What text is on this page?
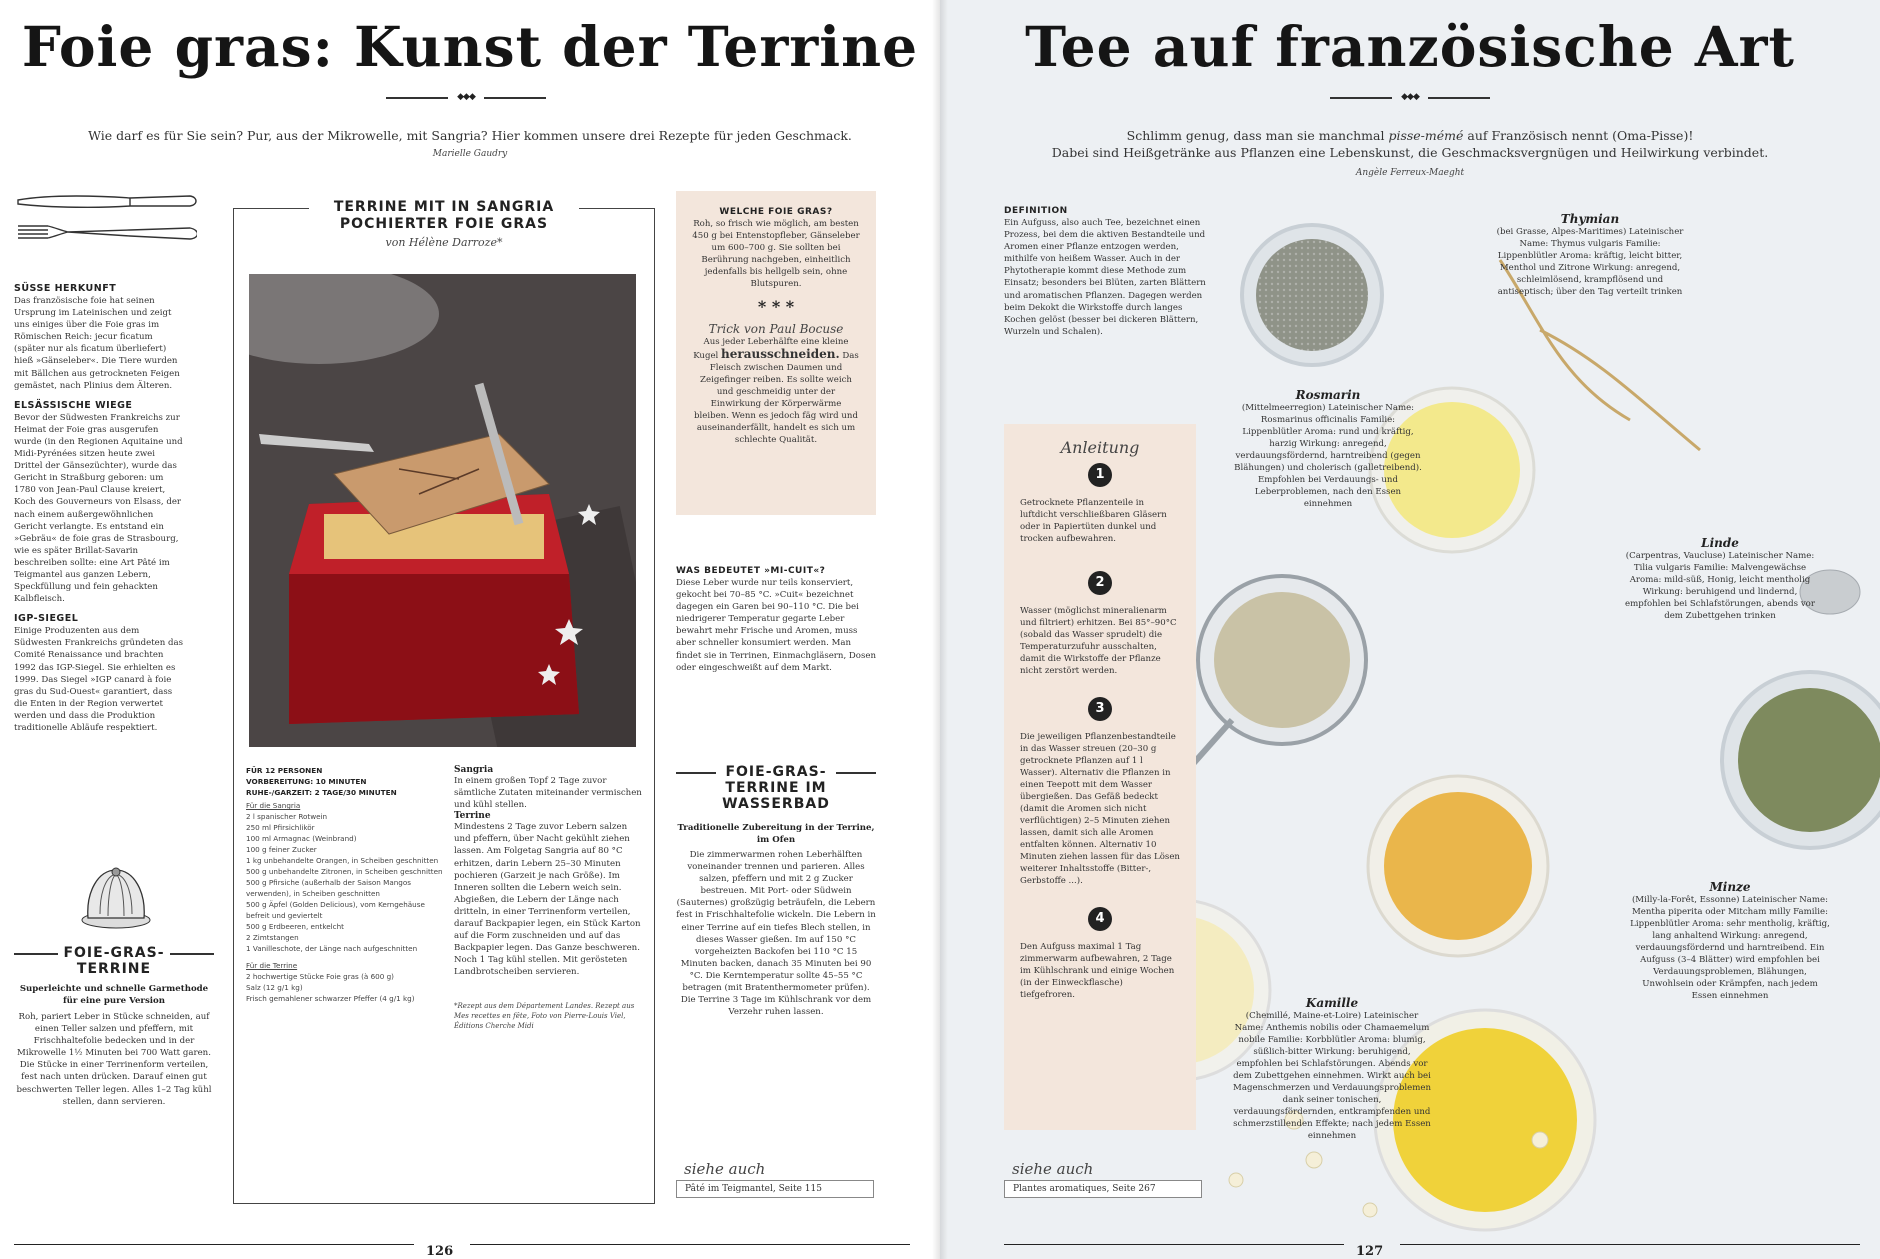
Foie gras: Kunst der Terrine
◆◆◆
Wie darf es für Sie sein? Pur, aus der Mikrowelle, mit Sangria? Hier kommen unsere drei Rezepte für jeden Geschmack.
Marielle Gaudry
SÜSSE HERKUNFT
Das französische foie hat seinen Ursprung im Lateinischen und zeigt uns einiges über die Foie gras im Römischen Reich: jecur ficatum (später nur als ficatum überliefert) hieß »Gänseleber«. Die Tiere wurden mit Bällchen aus getrockneten Feigen gemästet, nach Plinius dem Älteren.
ELSÄSSISCHE WIEGE
Bevor der Südwesten Frankreichs zur Heimat der Foie gras ausgerufen wurde (in den Regionen Aquitaine und Midi-Pyrénées sitzen heute zwei Drittel der Gänsezüchter), wurde das Gericht in Straßburg geboren: um 1780 von Jean-Paul Clause kreiert, Koch des Gouverneurs von Elsass, der nach einem außergewöhnlichen Gericht verlangte. Es entstand ein »Gebräu« de foie gras de Strasbourg, wie es später Brillat-Savarin beschreiben sollte: eine Art Pâté im Teigmantel aus ganzen Lebern, Speckfüllung und fein gehackten Kalbfleisch.
IGP-SIEGEL
Einige Produzenten aus dem Südwesten Frankreichs gründeten das Comité Renaissance und brachten 1992 das IGP-Siegel. Sie erhielten es 1999. Das Siegel »IGP canard à foie gras du Sud-Ouest« garantiert, dass die Enten in der Region verwertet werden und dass die Produktion traditionelle Abläufe respektiert.
FOIE-GRAS-
TERRINE
Superleichte und schnelle Garmethode für eine pure Version
Roh, pariert Leber in Stücke schneiden, auf einen Teller salzen und pfeffern, mit Frischhaltefolie bedecken und in der Mikrowelle 1½ Minuten bei 700 Watt garen. Die Stücke in einer Terrinenform verteilen, fest nach unten drücken. Darauf einen gut beschwerten Teller legen. Alles 1–2 Tag kühl stellen, dann servieren.
TERRINE MIT IN SANGRIA
POCHIERTER FOIE GRAS
von Hélène Darroze*
FÜR 12 PERSONEN
VORBEREITUNG: 10 MINUTEN
RUHE-/GARZEIT: 2 TAGE/30 MINUTEN
Für die Sangria
2 l spanischer Rotwein
250 ml Pfirsichlikör
100 ml Armagnac (Weinbrand)
100 g feiner Zucker
1 kg unbehandelte Orangen, in Scheiben geschnitten
500 g unbehandelte Zitronen, in Scheiben geschnitten
500 g Pfirsiche (außerhalb der Saison Mangos verwenden), in Scheiben geschnitten
500 g Äpfel (Golden Delicious), vom Kerngehäuse befreit und geviertelt
500 g Erdbeeren, entkelcht
2 Zimtstangen
1 Vanilleschote, der Länge nach aufgeschnitten
Für die Terrine
2 hochwertige Stücke Foie gras (à 600 g)
Salz (12 g/1 kg)
Frisch gemahlener schwarzer Pfeffer (4 g/1 kg)
Sangria
In einem großen Topf 2 Tage zuvor sämtliche Zutaten miteinander vermischen und kühl stellen.
Terrine
Mindestens 2 Tage zuvor Lebern salzen und pfeffern, über Nacht gekühlt ziehen lassen. Am Folgetag Sangria auf 80 °C erhitzen, darin Lebern 25–30 Minuten pochieren (Garzeit je nach Größe). Im Inneren sollten die Lebern weich sein. Abgießen, die Lebern der Länge nach dritteln, in einer Terrinenform verteilen, darauf Backpapier legen, ein Stück Karton auf die Form zuschneiden und auf das Backpapier legen. Das Ganze beschweren. Noch 1 Tag kühl stellen. Mit gerösteten Landbrotscheiben servieren.
*Rezept aus dem Département Landes. Rezept aus Mes recettes en fête, Foto von Pierre-Louis Viel, Éditions Cherche Midi
WELCHE FOIE GRAS?
Roh, so frisch wie möglich, am besten 450 g bei Entenstopfleber, Gänseleber um 600–700 g. Sie sollten bei Berührung nachgeben, einheitlich jedenfalls bis hellgelb sein, ohne Blutspuren.
* * *
Trick von Paul Bocuse
Aus jeder Leberhälfte eine kleine Kugel herausschneiden. Das Fleisch zwischen Daumen und Zeigefinger reiben. Es sollte weich und geschmeidig unter der Einwirkung der Körperwärme bleiben. Wenn es jedoch fäg wird und auseinanderfällt, handelt es sich um schlechte Qualität.
WAS BEDEUTET »MI-CUIT«?
Diese Leber wurde nur teils konserviert, gekocht bei 70–85 °C. »Cuit« bezeichnet dagegen ein Garen bei 90–110 °C. Die bei niedrigerer Temperatur gegarte Leber bewahrt mehr Frische und Aromen, muss aber schneller konsumiert werden. Man findet sie in Terrinen, Einmachgläsern, Dosen oder eingeschweißt auf dem Markt.
FOIE-GRAS-
TERRINE IM
WASSERBAD
Traditionelle Zubereitung in der Terrine, im Ofen
Die zimmerwarmen rohen Leberhälften voneinander trennen und parieren. Alles salzen, pfeffern und mit 2 g Zucker bestreuen. Mit Port- oder Südwein (Sauternes) großzügig beträufeln, die Lebern fest in Frischhaltefolie wickeln. Die Lebern in einer Terrine auf ein tiefes Blech stellen, in dieses Wasser gießen. Im auf 150 °C vorgeheizten Backofen bei 110 °C 15 Minuten backen, danach 35 Minuten bei 90 °C. Die Kerntemperatur sollte 45–55 °C betragen (mit Bratenthermometer prüfen). Die Terrine 3 Tage im Kühlschrank vor dem Verzehr ruhen lassen.
siehe auch
Pâté im Teigmantel, Seite 115
126
Tee auf französische Art
◆◆◆
Schlimm genug, dass man sie manchmal pisse-mémé auf Französisch nennt (Oma-Pisse)!
Dabei sind Heißgetränke aus Pflanzen eine Lebenskunst, die Geschmacksvergnügen und Heilwirkung verbindet.
Angèle Ferreux-Maeght
DEFINITION
Ein Aufguss, also auch Tee, bezeichnet einen Prozess, bei dem die aktiven Bestandteile und Aromen einer Pflanze entzogen werden, mithilfe von heißem Wasser. Auch in der Phytotherapie kommt diese Methode zum Einsatz; besonders bei Blüten, zarten Blättern und aromatischen Pflanzen. Dagegen werden beim Dekokt die Wirkstoffe durch langes Kochen gelöst (besser bei dickeren Blättern, Wurzeln und Schalen).
Anleitung
1
Getrocknete Pflanzenteile in luftdicht verschließbaren Gläsern oder in Papiertüten dunkel und trocken aufbewahren.
2
Wasser (möglichst mineralienarm und filtriert) erhitzen. Bei 85°–90°C (sobald das Wasser sprudelt) die Temperaturzufuhr ausschalten, damit die Wirkstoffe der Pflanze nicht zerstört werden.
3
Die jeweiligen Pflanzenbestandteile in das Wasser streuen (20–30 g getrocknete Pflanzen auf 1 l Wasser). Alternativ die Pflanzen in einen Teepott mit dem Wasser übergießen. Das Gefäß bedeckt (damit die Aromen sich nicht verflüchtigen) 2–5 Minuten ziehen lassen, damit sich alle Aromen entfalten können. Alternativ 10 Minuten ziehen lassen für das Lösen weiterer Inhaltsstoffe (Bitter-, Gerbstoffe ...).
4
Den Aufguss maximal 1 Tag zimmerwarm aufbewahren, 2 Tage im Kühlschrank und einige Wochen (in der Einweckflasche) tiefgefroren.
siehe auch
Plantes aromatiques, Seite 267
Thymian
(bei Grasse, Alpes-Maritimes) Lateinischer Name: Thymus vulgaris Familie: Lippenblütler Aroma: kräftig, leicht bitter, Menthol und Zitrone Wirkung: anregend, schleimlösend, krampflösend und antiseptisch; über den Tag verteilt trinken
Rosmarin
(Mittelmeerregion) Lateinischer Name: Rosmarinus officinalis Familie: Lippenblütler Aroma: rund und kräftig, harzig Wirkung: anregend, verdauungsfördernd, harntreibend (gegen Blähungen) und cholerisch (galletreibend). Empfohlen bei Verdauungs- und Leberproblemen, nach den Essen einnehmen
Linde
(Carpentras, Vaucluse) Lateinischer Name: Tilia vulgaris Familie: Malvengewächse Aroma: mild-süß, Honig, leicht mentholig Wirkung: beruhigend und lindernd, empfohlen bei Schlafstörungen, abends vor dem Zubettgehen trinken
Minze
(Milly-la-Forêt, Essonne) Lateinischer Name: Mentha piperita oder Mitcham milly Familie: Lippenblütler Aroma: sehr mentholig, kräftig, lang anhaltend Wirkung: anregend, verdauungsfördernd und harntreibend. Ein Aufguss (3–4 Blätter) wird empfohlen bei Verdauungsproblemen, Blähungen, Unwohlsein oder Krämpfen, nach jedem Essen einnehmen
Kamille
(Chemillé, Maine-et-Loire) Lateinischer Name: Anthemis nobilis oder Chamaemelum nobile Familie: Korbblütler Aroma: blumig, süßlich-bitter Wirkung: beruhigend, empfohlen bei Schlafstörungen. Abends vor dem Zubettgehen einnehmen. Wirkt auch bei Magenschmerzen und Verdauungsproblemen dank seiner tonischen, verdauungsfördernden, entkrampfenden und schmerzstillenden Effekte; nach jedem Essen einnehmen
127
